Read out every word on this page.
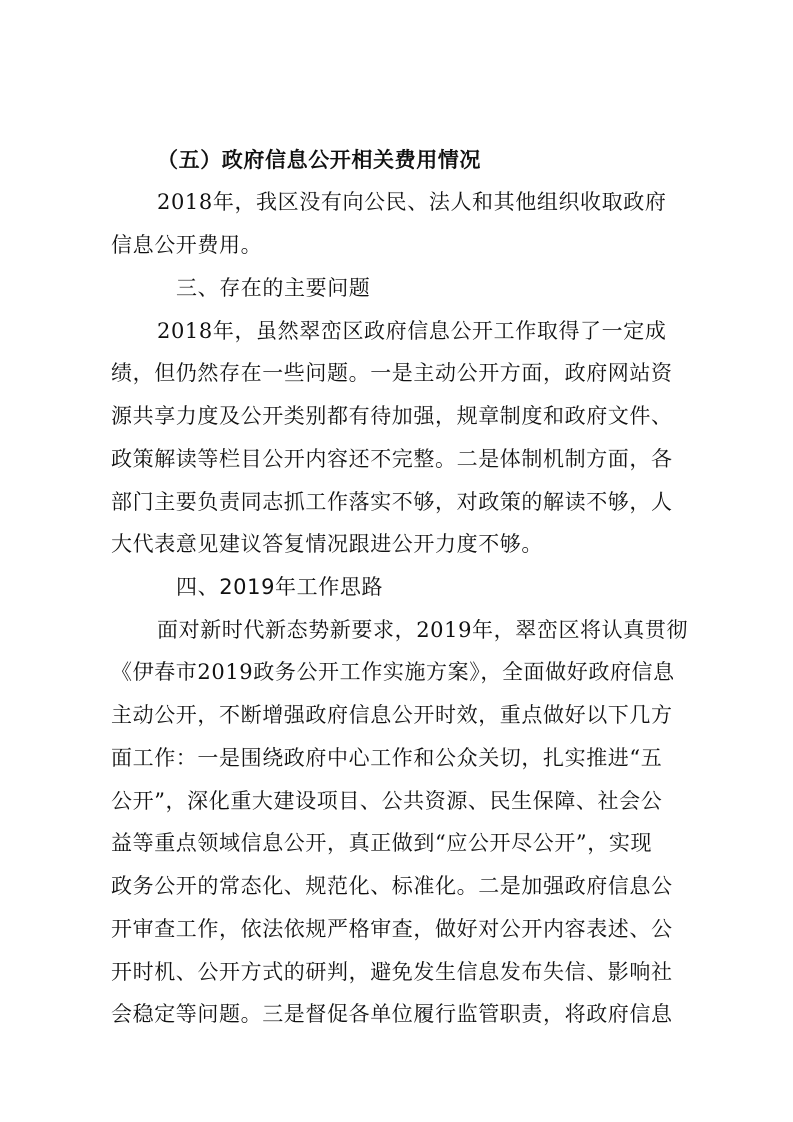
（五）政府信息公开相关费用情况
2018年，我区没有向公民、法人和其他组织收取政府
信息公开费用。
三、存在的主要问题
2018年，虽然翠峦区政府信息公开工作取得了一定成
绩，但仍然存在一些问题。一是主动公开方面，政府网站资
源共享力度及公开类别都有待加强，规章制度和政府文件、
政策解读等栏目公开内容还不完整。二是体制机制方面，各
部门主要负责同志抓工作落实不够，对政策的解读不够，人
大代表意见建议答复情况跟进公开力度不够。
四、2019年工作思路
面对新时代新态势新要求，2019年，翠峦区将认真贯彻
《伊春市2019政务公开工作实施方案》，全面做好政府信息
主动公开，不断增强政府信息公开时效，重点做好以下几方
面工作：一是围绕政府中心工作和公众关切，扎实推进“五
公开”，深化重大建设项目、公共资源、民生保障、社会公
益等重点领域信息公开，真正做到“应公开尽公开”，实现
政务公开的常态化、规范化、标准化。二是加强政府信息公
开审查工作，依法依规严格审查，做好对公开内容表述、公
开时机、公开方式的研判，避免发生信息发布失信、影响社
会稳定等问题。三是督促各单位履行监管职责，将政府信息
